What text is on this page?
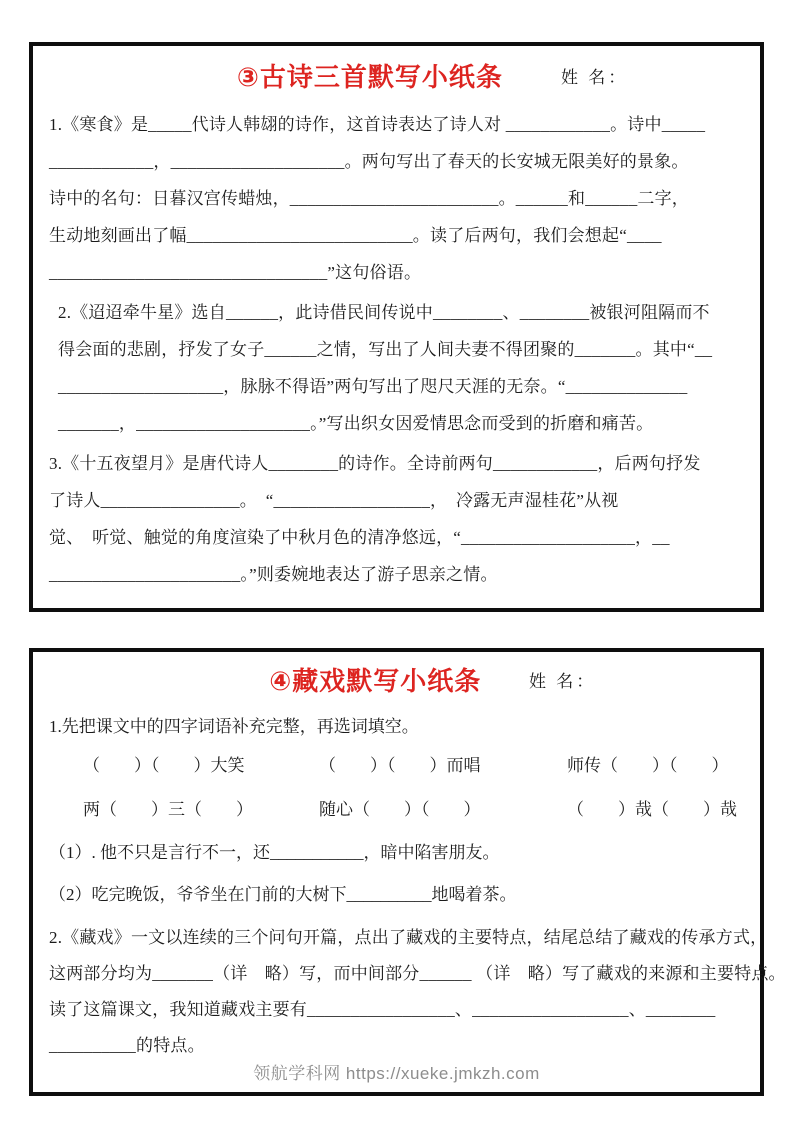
③古诗三首默写小纸条	姓 名：
1.《寒食》是_____代诗人韩翃的诗作，这首诗表达了诗人对 ____________。诗中_____
____________，____________________。两句写出了春天的长安城无限美好的景象。
诗中的名句：日暮汉宫传蜡烛，________________________。______和______二字，
生动地刻画出了幅__________________________。读了后两句，我们会想起“____
________________________________”这句俗语。
2.《迢迢牵牛星》选自______，此诗借民间传说中________、________被银河阻隔而不
得会面的悲剧，抒发了女子______之情，写出了人间夫妻不得团聚的_______。其中“__
___________________，脉脉不得语”两句写出了咫尺天涯的无奈。“______________
_______，____________________。”写出织女因爱情思念而受到的折磨和痛苦。
3.《十五夜望月》是唐代诗人________的诗作。全诗前两句____________，后两句抒发
了诗人________________。　“__________________，　冷露无声湿桂花”从视
觉、　听觉、触觉的角度渲染了中秋月色的清净悠远，“____________________，__
______________________。”则委婉地表达了游子思亲之情。
④藏戏默写小纸条	姓 名：
1.先把课文中的四字词语补充完整，再选词填空。
（　　）（　　）大笑	（　　）（　　）而唱	师传（　　）（　　）
两（　　）三（　　）	随心（　　）（　　）	（　　）哉（　　）哉
（1）. 他不只是言行不一，还___________，暗中陷害朋友。
（2）吃完晚饭，爷爷坐在门前的大树下__________地喝着茶。
2.《藏戏》一文以连续的三个问句开篇，点出了藏戏的主要特点，结尾总结了藏戏的传承方式，
这两部分均为_______（详　略）写，而中间部分______ （详　略）写了藏戏的来源和主要特点。
读了这篇课文，我知道藏戏主要有_________________、__________________、________
__________的特点。
领航学科网 https://xueke.jmkzh.com
